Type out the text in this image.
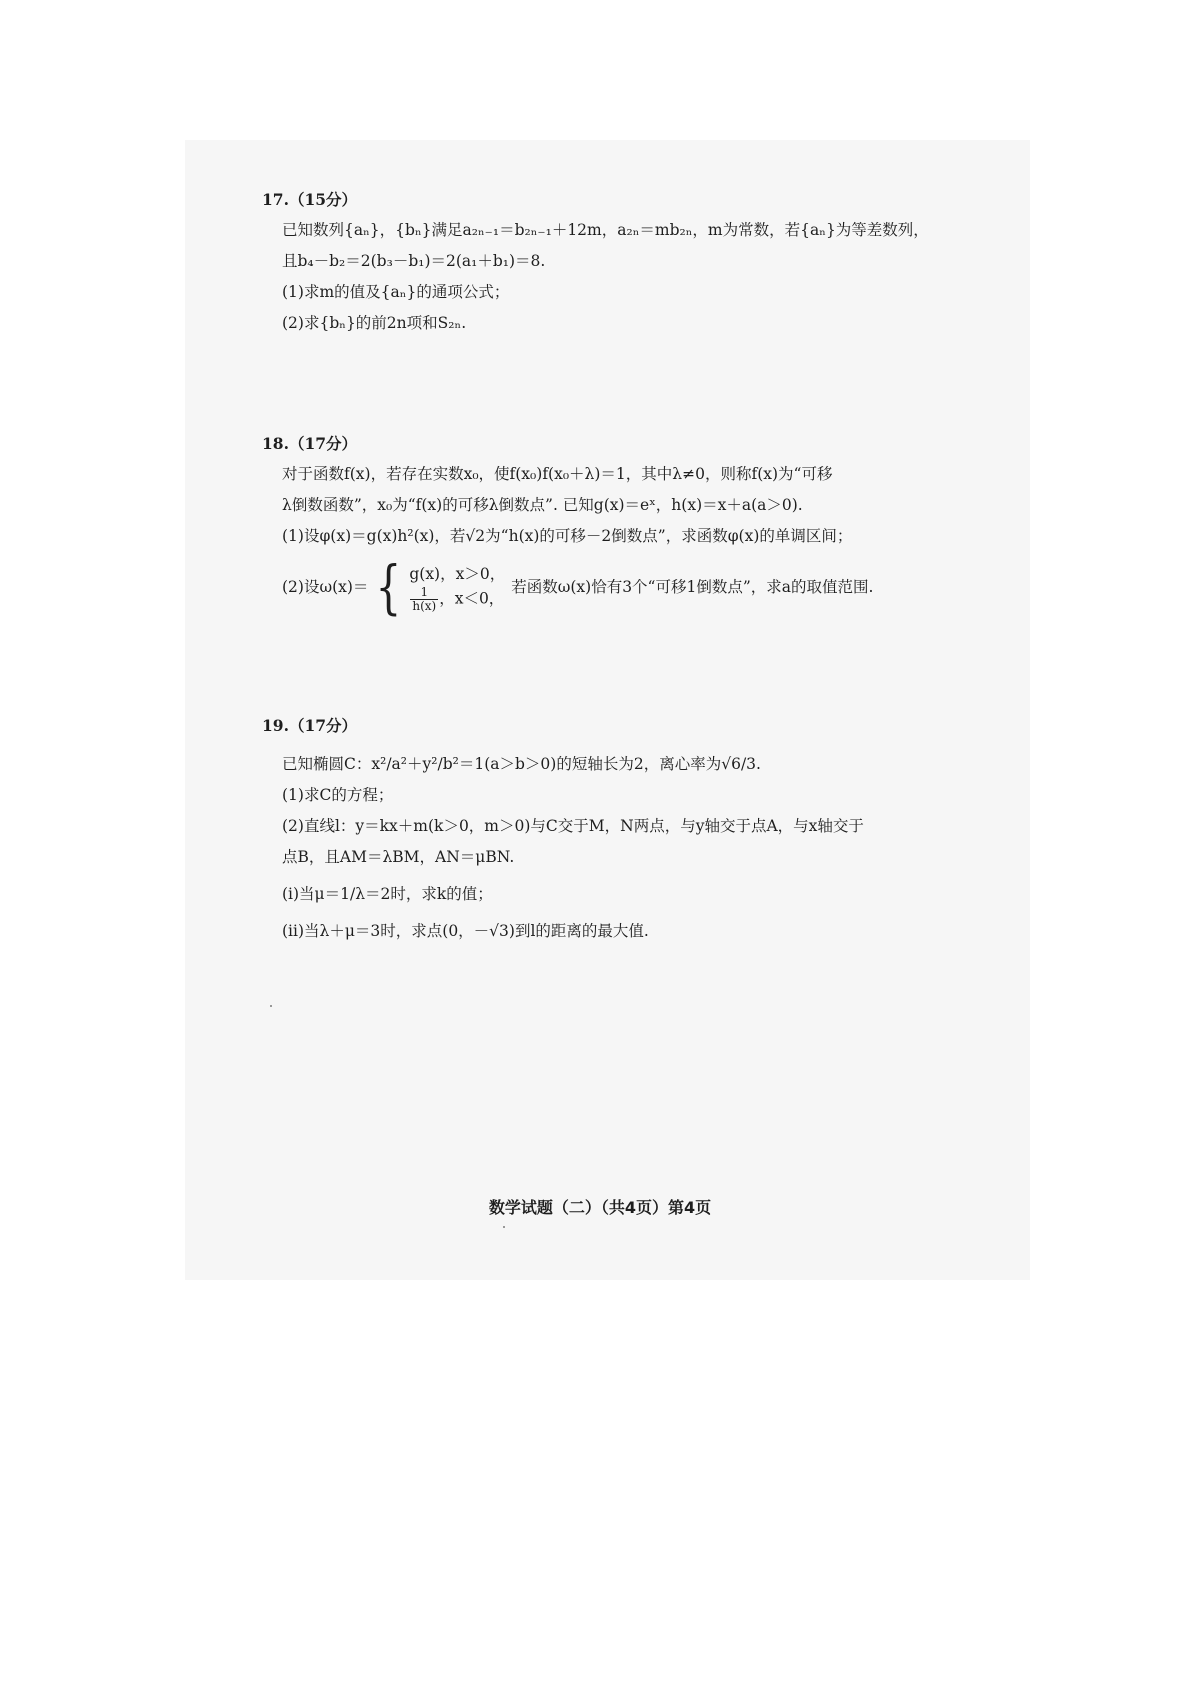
17.（15分）
已知数列{aₙ}，{bₙ}满足a₂ₙ₋₁＝b₂ₙ₋₁＋12m，a₂ₙ＝mb₂ₙ，m为常数，若{aₙ}为等差数列，
且b₄－b₂＝2(b₃－b₁)＝2(a₁＋b₁)＝8.
(1)求m的值及{aₙ}的通项公式；
(2)求{bₙ}的前2n项和S₂ₙ.
18.（17分）
对于函数f(x)，若存在实数x₀，使f(x₀)f(x₀＋λ)＝1，其中λ≠0，则称f(x)为“可移
λ倒数函数”，x₀为“f(x)的可移λ倒数点”. 已知g(x)＝eˣ，h(x)＝x＋a(a＞0).
(1)设φ(x)＝g(x)h²(x)，若√2为“h(x)的可移－2倒数点”，求函数φ(x)的单调区间；
(2)设ω(x)＝ { g(x)，x＞0，
$\frac{1}{h(x)}$ ，x＜0，
若函数ω(x)恰有3个“可移1倒数点”，求a的取值范围.
19.（17分）
已知椭圆C：x²/a²＋y²/b²＝1(a＞b＞0)的短轴长为2，离心率为√6/3.
(1)求C的方程；
(2)直线l：y＝kx＋m(k＞0，m＞0)与C交于M，N两点，与y轴交于点A，与x轴交于
点B，且AM＝λBM，AN＝μBN.
(ⅰ)当μ＝1/λ＝2时，求k的值；
(ⅱ)当λ＋μ＝3时，求点(0，－√3)到l的距离的最大值.
数学试题（二）（共4页）第4页
